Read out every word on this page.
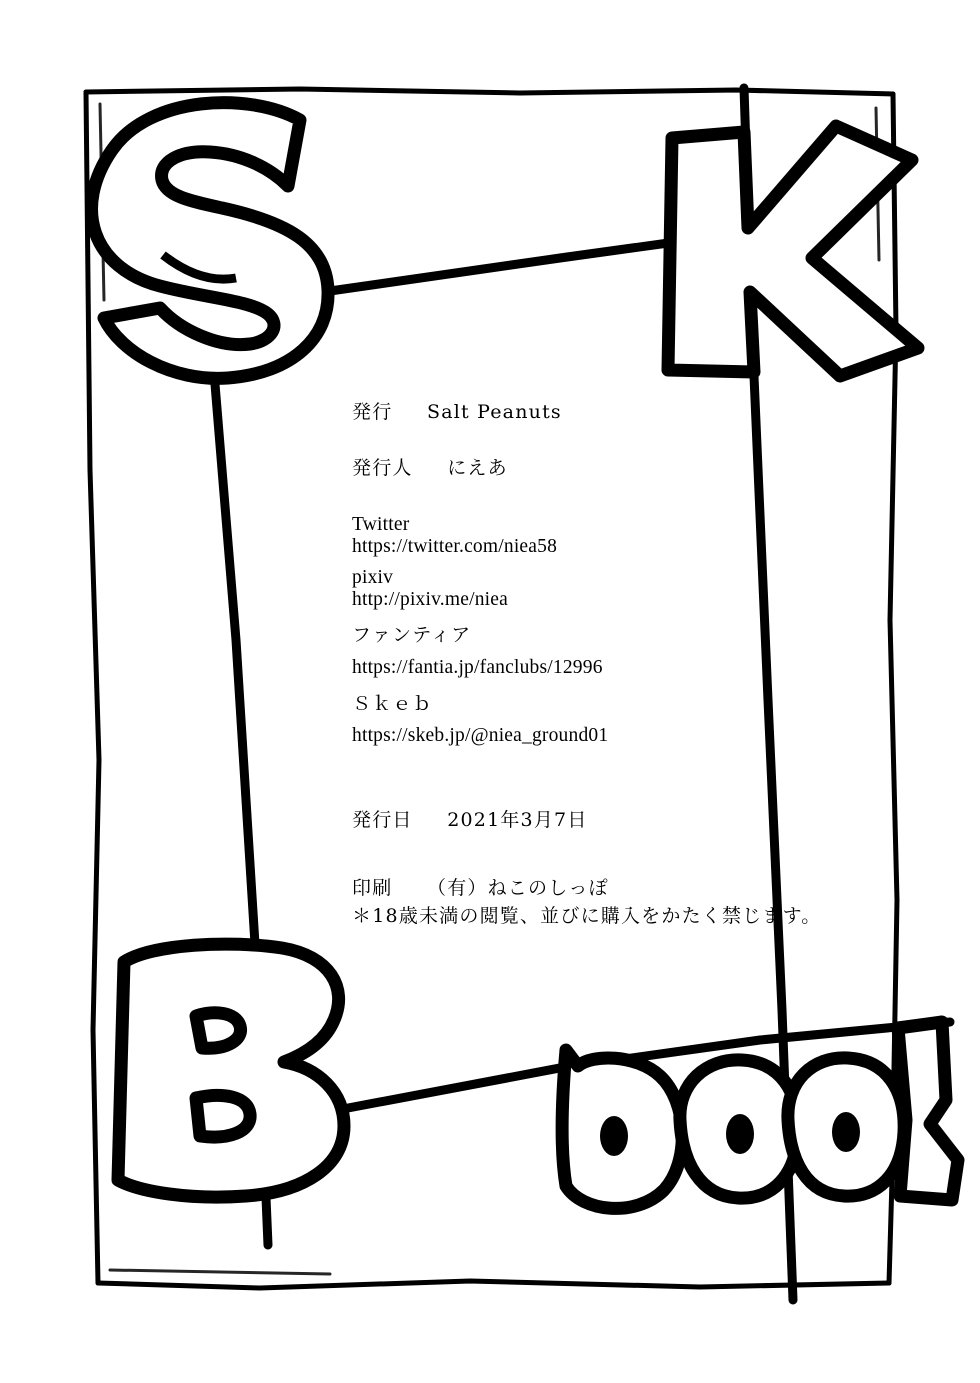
発行 Salt Peanuts
発行人 にえあ
Twitter
https://twitter.com/niea58
pixiv
http://pixiv.me/niea
ファンティア
https://fantia.jp/fanclubs/12996
Ｓｋｅｂ
https://skeb.jp/@niea_ground01
発行日 2021年3月7日
印刷 （有）ねこのしっぽ
＊18歳未満の閲覧、並びに購入をかたく禁じます。
